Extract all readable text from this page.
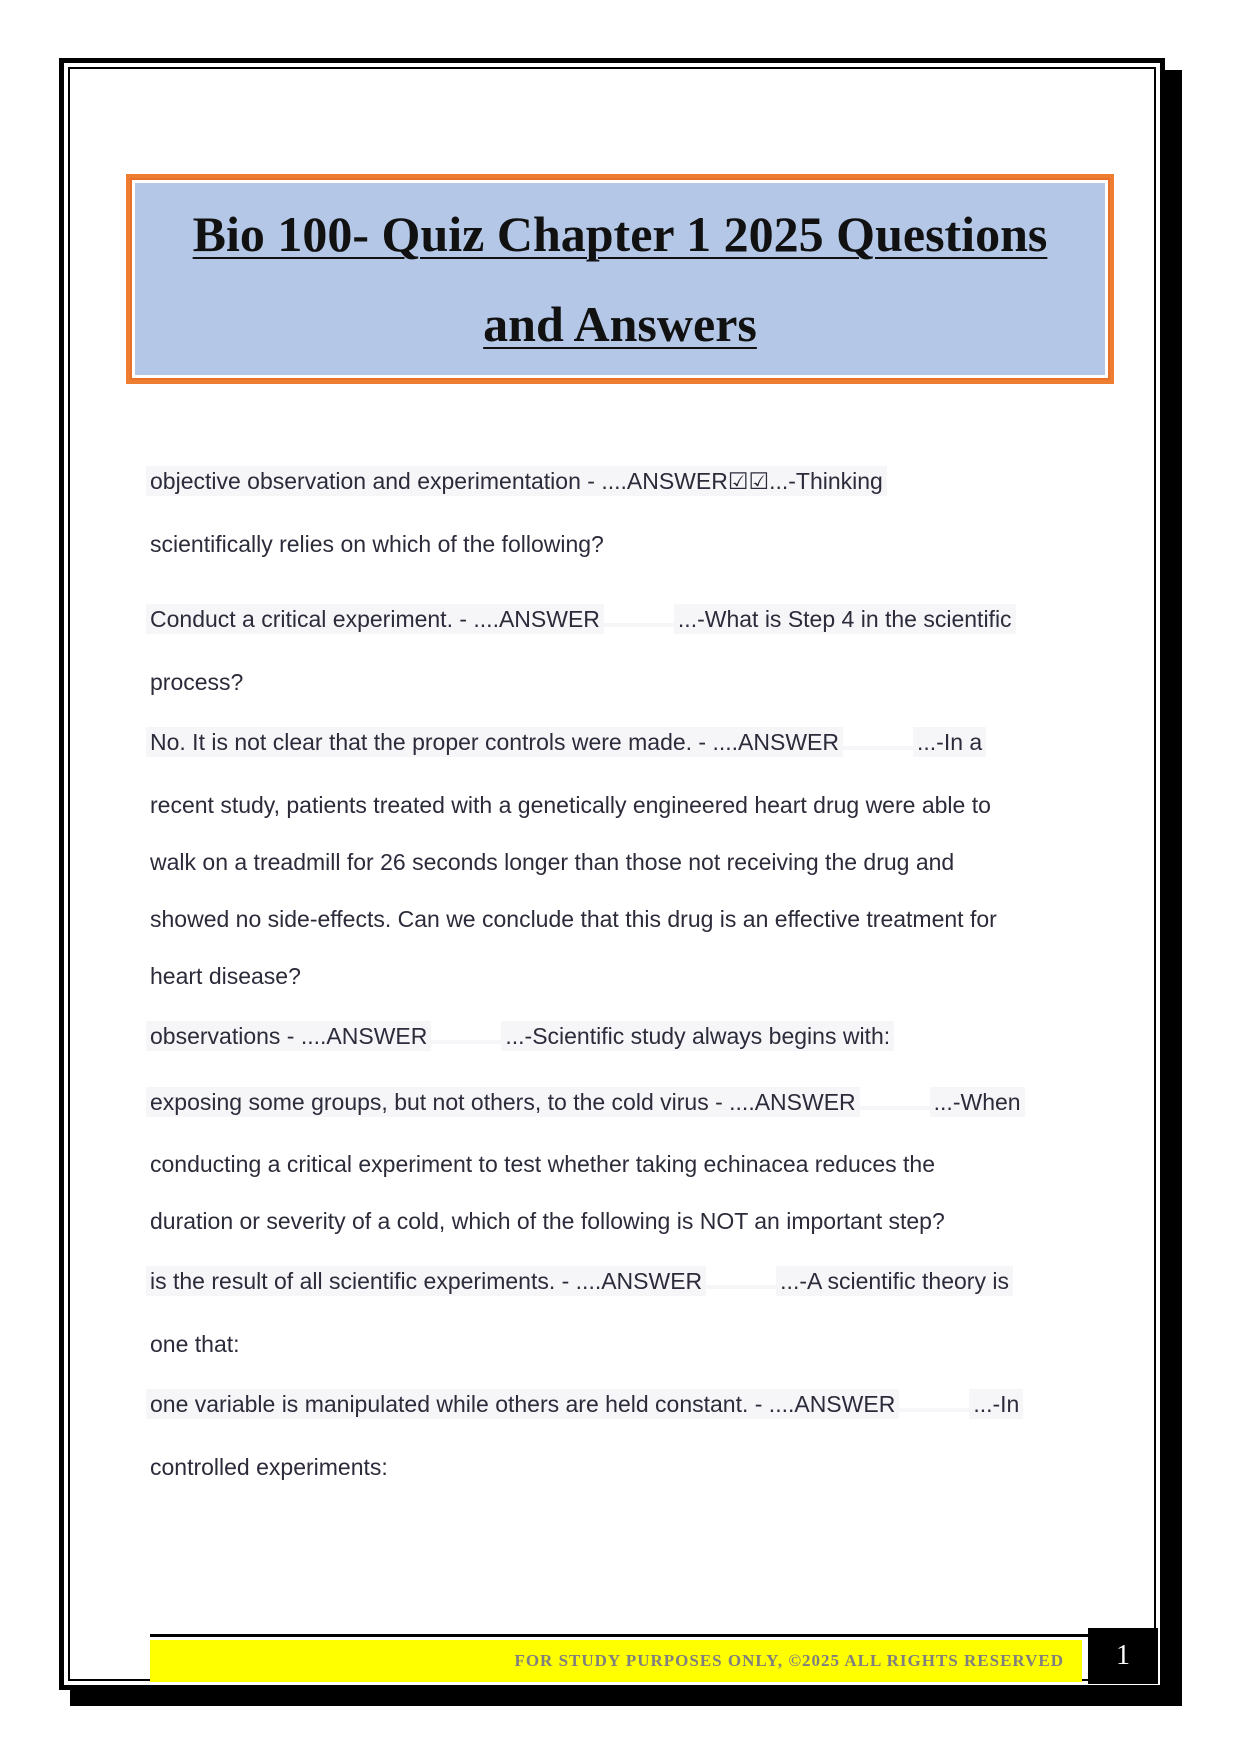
Bio 100- Quiz Chapter 1 2025 Questions
and Answers
objective observation and experimentation - ....ANSWER☑☑...-Thinking
scientifically relies on which of the following?
Conduct a critical experiment. - ....ANSWER	...-What is Step 4 in the scientific
process?
No. It is not clear that the proper controls were made. - ....ANSWER	...-In a
recent study, patients treated with a genetically engineered heart drug were able to
walk on a treadmill for 26 seconds longer than those not receiving the drug and
showed no side-effects. Can we conclude that this drug is an effective treatment for
heart disease?
observations - ....ANSWER	...-Scientific study always begins with:
exposing some groups, but not others, to the cold virus - ....ANSWER	...-When
conducting a critical experiment to test whether taking echinacea reduces the
duration or severity of a cold, which of the following is NOT an important step?
is the result of all scientific experiments. - ....ANSWER	...-A scientific theory is
one that:
one variable is manipulated while others are held constant. - ....ANSWER	...-In
controlled experiments:
FOR STUDY PURPOSES ONLY, ©2025 ALL RIGHTS RESERVED 1
